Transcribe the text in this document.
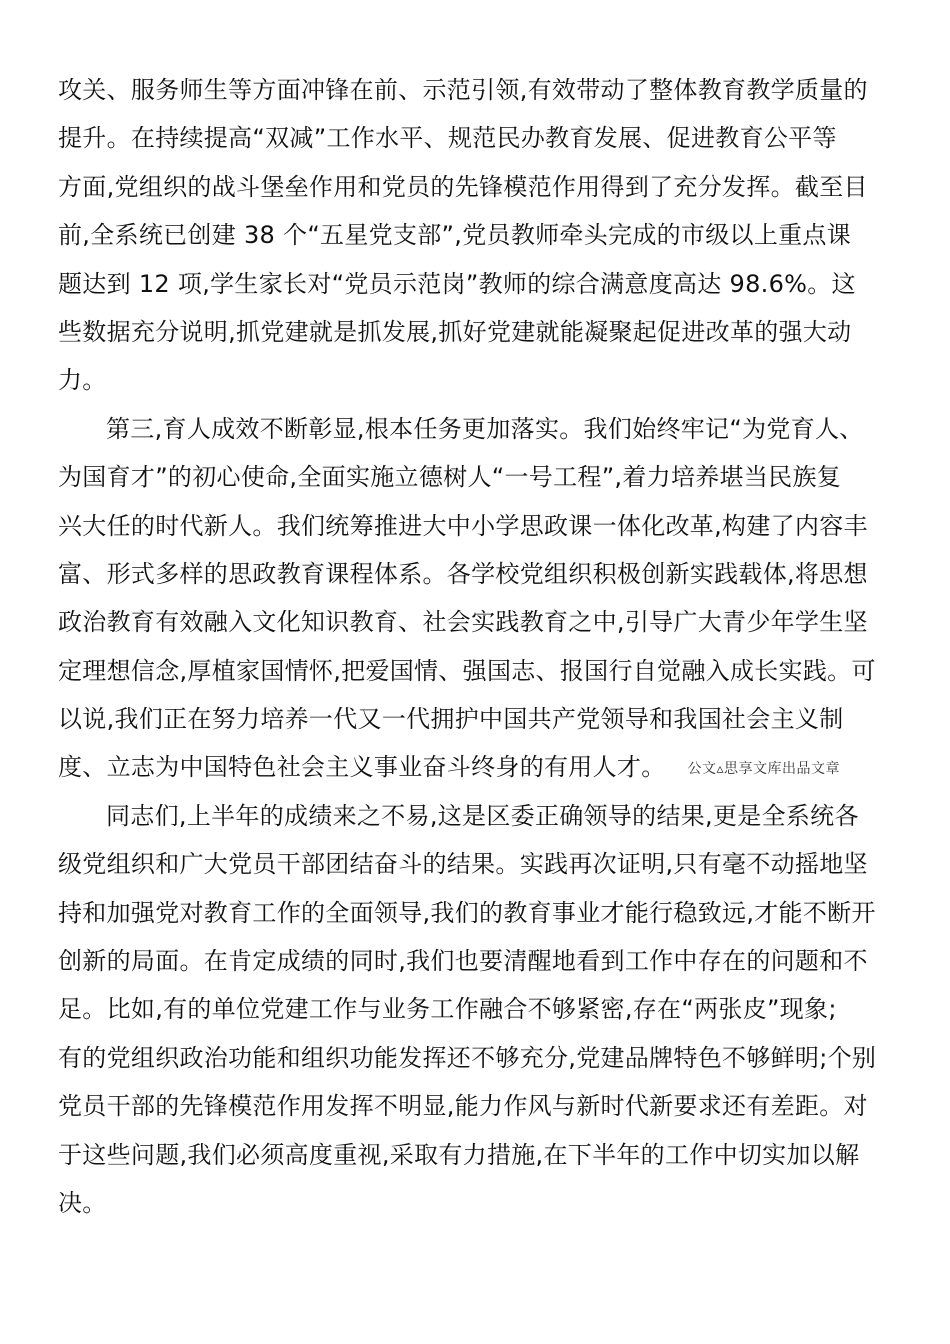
攻关、服务师生等方面冲锋在前、示范引领,有效带动了整体教育教学质量的
提升。在持续提高“双减”工作水平、规范民办教育发展、促进教育公平等
方面,党组织的战斗堡垒作用和党员的先锋模范作用得到了充分发挥。截至目
前,全系统已创建 38 个“五星党支部”,党员教师牵头完成的市级以上重点课
题达到 12 项,学生家长对“党员示范岗”教师的综合满意度高达 98.6%。这
些数据充分说明,抓党建就是抓发展,抓好党建就能凝聚起促进改革的强大动
力。
第三,育人成效不断彰显,根本任务更加落实。我们始终牢记“为党育人、
为国育才”的初心使命,全面实施立德树人“一号工程”,着力培养堪当民族复
兴大任的时代新人。我们统筹推进大中小学思政课一体化改革,构建了内容丰
富、形式多样的思政教育课程体系。各学校党组织积极创新实践载体,将思想
政治教育有效融入文化知识教育、社会实践教育之中,引导广大青少年学生坚
定理想信念,厚植家国情怀,把爱国情、强国志、报国行自觉融入成长实践。可
以说,我们正在努力培养一代又一代拥护中国共产党领导和我国社会主义制
度、立志为中国特色社会主义事业奋斗终身的有用人才。 公文▵思享文库出品文章
同志们,上半年的成绩来之不易,这是区委正确领导的结果,更是全系统各
级党组织和广大党员干部团结奋斗的结果。实践再次证明,只有毫不动摇地坚
持和加强党对教育工作的全面领导,我们的教育事业才能行稳致远,才能不断开
创新的局面。在肯定成绩的同时,我们也要清醒地看到工作中存在的问题和不
足。比如,有的单位党建工作与业务工作融合不够紧密,存在“两张皮”现象;
有的党组织政治功能和组织功能发挥还不够充分,党建品牌特色不够鲜明;个别
党员干部的先锋模范作用发挥不明显,能力作风与新时代新要求还有差距。对
于这些问题,我们必须高度重视,采取有力措施,在下半年的工作中切实加以解
决。
